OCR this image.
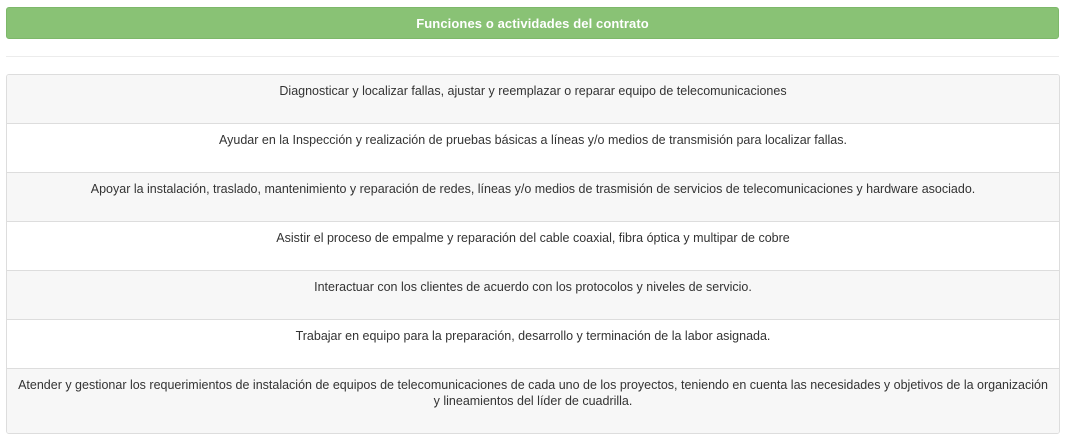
Funciones o actividades del contrato
Diagnosticar y localizar fallas, ajustar y reemplazar o reparar equipo de telecomunicaciones
Ayudar en la Inspección y realización de pruebas básicas a líneas y/o medios de transmisión para localizar fallas.
Apoyar la instalación, traslado, mantenimiento y reparación de redes, líneas y/o medios de trasmisión de servicios de telecomunicaciones y hardware asociado.
Asistir el proceso de empalme y reparación del cable coaxial, fibra óptica y multipar de cobre
Interactuar con los clientes de acuerdo con los protocolos y niveles de servicio.
Trabajar en equipo para la preparación, desarrollo y terminación de la labor asignada.
Atender y gestionar los requerimientos de instalación de equipos de telecomunicaciones de cada uno de los proyectos, teniendo en cuenta las necesidades y objetivos de la organización y lineamientos del líder de cuadrilla.
